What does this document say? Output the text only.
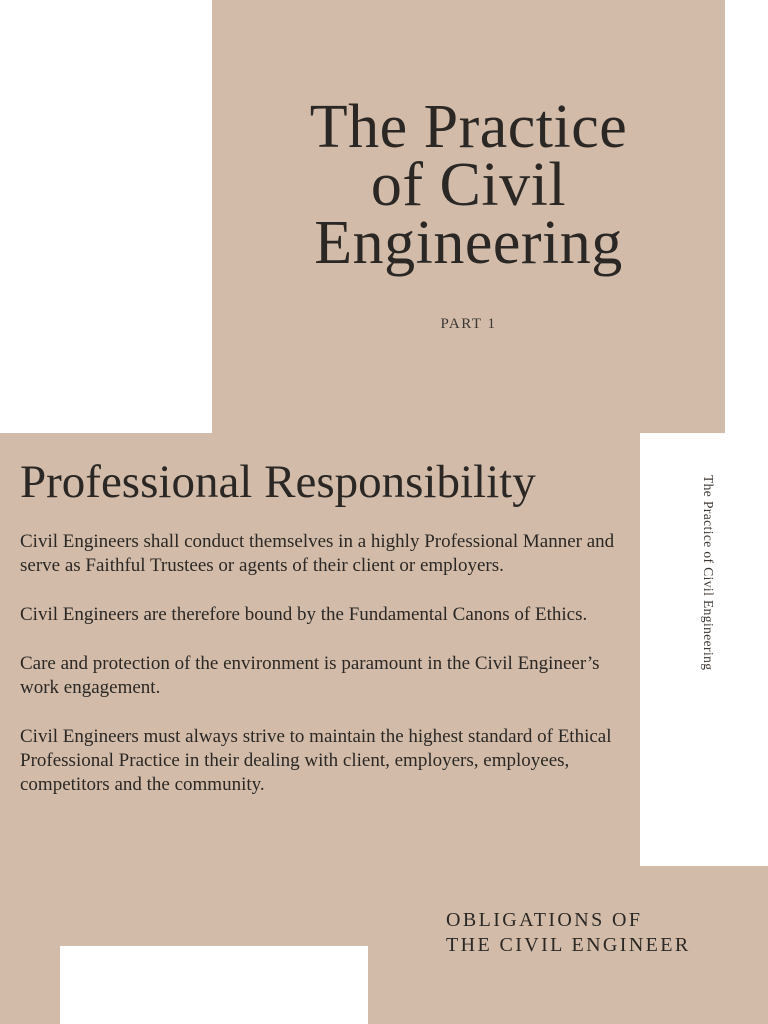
The Practice
of Civil
Engineering
PART 1
Professional Responsibility

Civil Engineers shall conduct themselves in a highly Professional Manner and serve as Faithful Trustees or agents of their client or employers.

Civil Engineers are therefore bound by the Fundamental Canons of Ethics.

Care and protection of the environment is paramount in the Civil Engineer’s work engagement.

Civil Engineers must always strive to maintain the highest standard of Ethical Professional Practice in their dealing with client, employers, employees, competitors and the community.

The Practice of Civil Engineering
OBLIGATIONS OF
THE CIVIL ENGINEER
